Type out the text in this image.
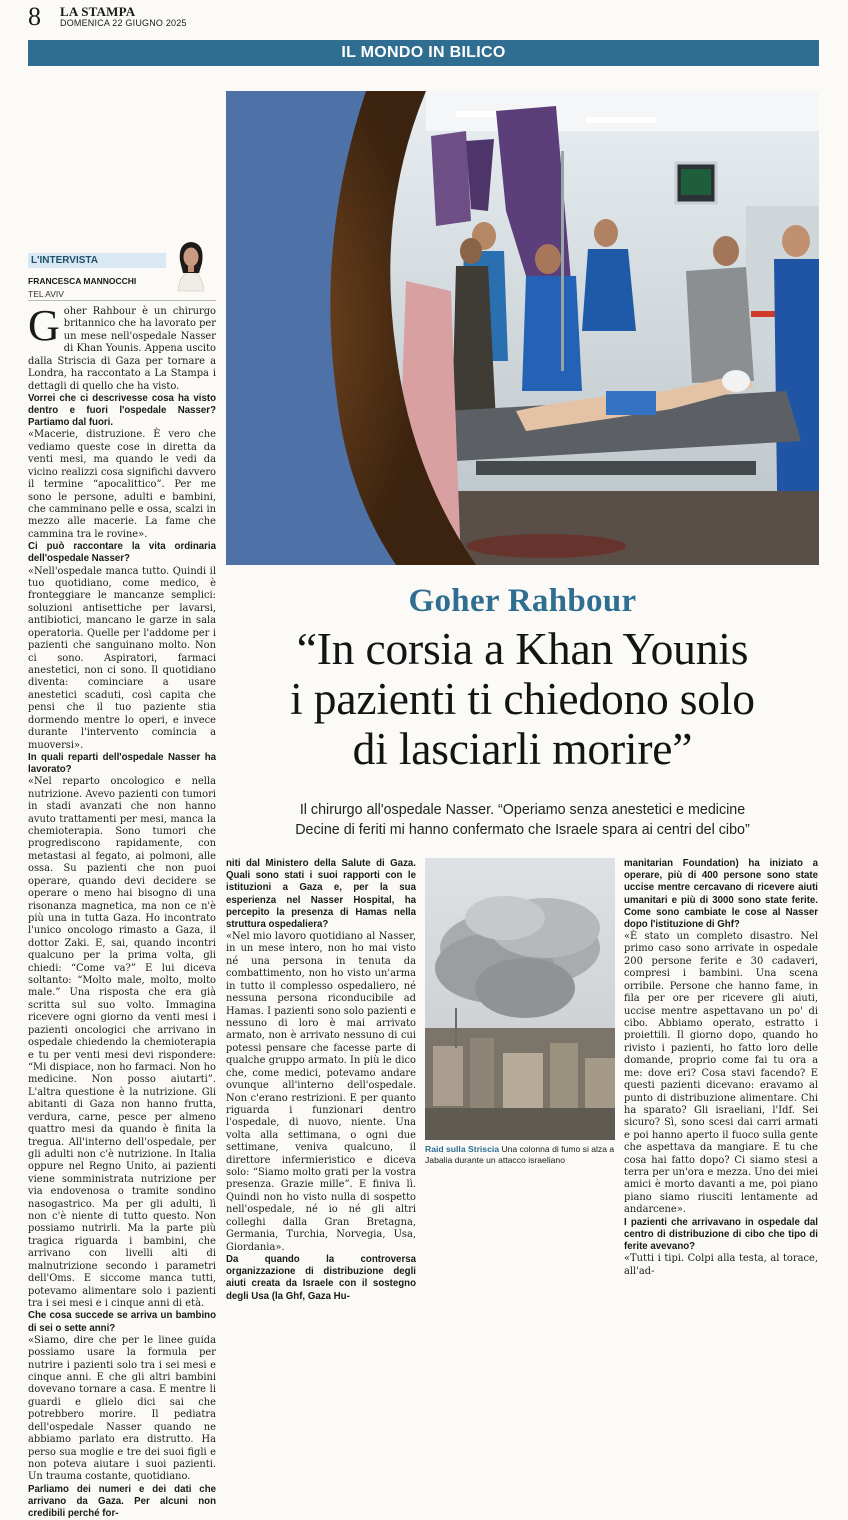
8 LA STAMPA
DOMENICA 22 GIUGNO 2025
IL MONDO IN BILICO
L'INTERVISTA
FRANCESCA MANNOCCHI
TEL AVIV
G oher Rahbour è un chirurgo britannico che ha lavorato per un mese nell'ospedale Nasser di Khan Younis. Appena uscito dalla Striscia di Gaza per tornare a Londra, ha raccontato a La Stampa i dettagli di quello che ha visto.

Vorrei che ci descrivesse cosa ha visto dentro e fuori l'ospedale Nasser? Partiamo dal fuori.

«Macerie, distruzione. È vero che vediamo queste cose in diretta da venti mesi, ma quando le vedi da vicino realizzi cosa significhi davvero il termine “apocalittico”. Per me sono le persone, adulti e bambini, che camminano pelle e ossa, scalzi in mezzo alle macerie. La fame che cammina tra le rovine».

Ci può raccontare la vita ordinaria dell'ospedale Nasser?

«Nell'ospedale manca tutto. Quindi il tuo quotidiano, come medico, è fronteggiare le mancanze semplici: soluzioni antisettiche per lavarsi, antibiotici, mancano le garze in sala operatoria. Quelle per l'addome per i pazienti che sanguinano molto. Non ci sono. Aspiratori, farmaci anestetici, non ci sono. Il quotidiano diventa: cominciare a usare anestetici scaduti, così capita che pensi che il tuo paziente stia dormendo mentre lo operi, e invece durante l'intervento comincia a muoversi».

In quali reparti dell'ospedale Nasser ha lavorato?

«Nel reparto oncologico e nella nutrizione. Avevo pazienti con tumori in stadi avanzati che non hanno avuto trattamenti per mesi, manca la chemioterapia. Sono tumori che progrediscono rapidamente, con metastasi al fegato, ai polmoni, alle ossa. Su pazienti che non puoi operare, quando devi decidere se operare o meno hai bisogno di una risonanza magnetica, ma non ce n'è più una in tutta Gaza. Ho incontrato l'unico oncologo rimasto a Gaza, il dottor Zaki. E, sai, quando incontri qualcuno per la prima volta, gli chiedi: “Come va?” E lui diceva soltanto: “Molto male, molto, molto male.” Una risposta che era già scritta sul suo volto. Immagina ricevere ogni giorno da venti mesi i pazienti oncologici che arrivano in ospedale chiedendo la chemioterapia e tu per venti mesi devi rispondere: “Mi dispiace, non ho farmaci. Non ho medicine. Non posso aiutarti”. L'altra questione è la nutrizione. Gli abitanti di Gaza non hanno frutta, verdura, carne, pesce per almeno quattro mesi da quando è finita la tregua. All'interno dell'ospedale, per gli adulti non c'è nutrizione. In Italia oppure nel Regno Unito, ai pazienti viene somministrata nutrizione per via endovenosa o tramite sondino nasogastrico. Ma per gli adulti, lì non c'è niente di tutto questo. Non possiamo nutrirli. Ma la parte più tragica riguarda i bambini, che arrivano con livelli alti di malnutrizione secondo i parametri dell'Oms. E siccome manca tutti, potevamo alimentare solo i pazienti tra i sei mesi e i cinque anni di età.

Che cosa succede se arriva un bambino di sei o sette anni?

«Siamo, dire che per le linee guida possiamo usare la formula per nutrire i pazienti solo tra i sei mesi e cinque anni. E che gli altri bambini dovevano tornare a casa. E mentre li guardi e glielo dici sai che potrebbero morire. Il pediatra dell'ospedale Nasser quando ne abbiamo parlato era distrutto. Ha perso sua moglie e tre dei suoi figli e non poteva aiutare i suoi pazienti. Un trauma costante, quotidiano.

Parliamo dei numeri e dei dati che arrivano da Gaza. Per alcuni non credibili perché for-

Goher Rahbour
“In corsia a Khan Younis
i pazienti ti chiedono solo
di lasciarli morire”
Il chirurgo all'ospedale Nasser. “Operiamo senza anestetici e medicine
Decine di feriti mi hanno confermato che Israele spara ai centri del cibo”

niti dal Ministero della Salute di Gaza. Quali sono stati i suoi rapporti con le istituzioni a Gaza e, per la sua esperienza nel Nasser Hospital, ha percepito la presenza di Hamas nella struttura ospedaliera?

«Nel mio lavoro quotidiano al Nasser, in un mese intero, non ho mai visto né una persona in tenuta da combattimento, non ho visto un'arma in tutto il complesso ospedaliero, né nessuna persona riconducibile ad Hamas. I pazienti sono solo pazienti e nessuno di loro è mai arrivato armato, non è arrivato nessuno di cui potessi pensare che facesse parte di qualche gruppo armato. In più le dico che, come medici, potevamo andare ovunque all'interno dell'ospedale. Non c'erano restrizioni. E per quanto riguarda i funzionari dentro l'ospedale, di nuovo, niente. Una volta alla settimana, o ogni due settimane, veniva qualcuno, il direttore infermieristico e diceva solo: “Siamo molto grati per la vostra presenza. Grazie mille”. E finiva lì. Quindi non ho visto nulla di sospetto nell'ospedale, né io né gli altri colleghi dalla Gran Bretagna, Germania, Turchia, Norvegia, Usa, Giordania».

Da quando la controversa organizzazione di distribuzione degli aiuti creata da Israele con il sostegno degli Usa (la Ghf, Gaza Hu-

Raid sulla Striscia Una colonna di fumo si alza a Jabalia durante un attacco israeliano

manitarian Foundation) ha iniziato a operare, più di 400 persone sono state uccise mentre cercavano di ricevere aiuti umanitari e più di 3000 sono state ferite. Come sono cambiate le cose al Nasser dopo l'istituzione di Ghf?

«È stato un completo disastro. Nel primo caso sono arrivate in ospedale 200 persone ferite e 30 cadaveri, compresi i bambini. Una scena orribile. Persone che hanno fame, in fila per ore per ricevere gli aiuti, uccise mentre aspettavano un po' di cibo. Abbiamo operato, estratto i proiettili. Il giorno dopo, quando ho rivisto i pazienti, ho fatto loro delle domande, proprio come fai tu ora a me: dove eri? Cosa stavi facendo? E questi pazienti dicevano: eravamo al punto di distribuzione alimentare. Chi ha sparato? Gli israeliani, l'Idf. Sei sicuro? Sì, sono scesi dai carri armati e poi hanno aperto il fuoco sulla gente che aspettava da mangiare. E tu che cosa hai fatto dopo? Ci siamo stesi a terra per un'ora e mezza. Uno dei miei amici è morto davanti a me, poi piano piano siamo riusciti lentamente ad andarcene».

I pazienti che arrivavano in ospedale dal centro di distribuzione di cibo che tipo di ferite avevano?

«Tutti i tipi. Colpi alla testa, al torace, all'ad-
